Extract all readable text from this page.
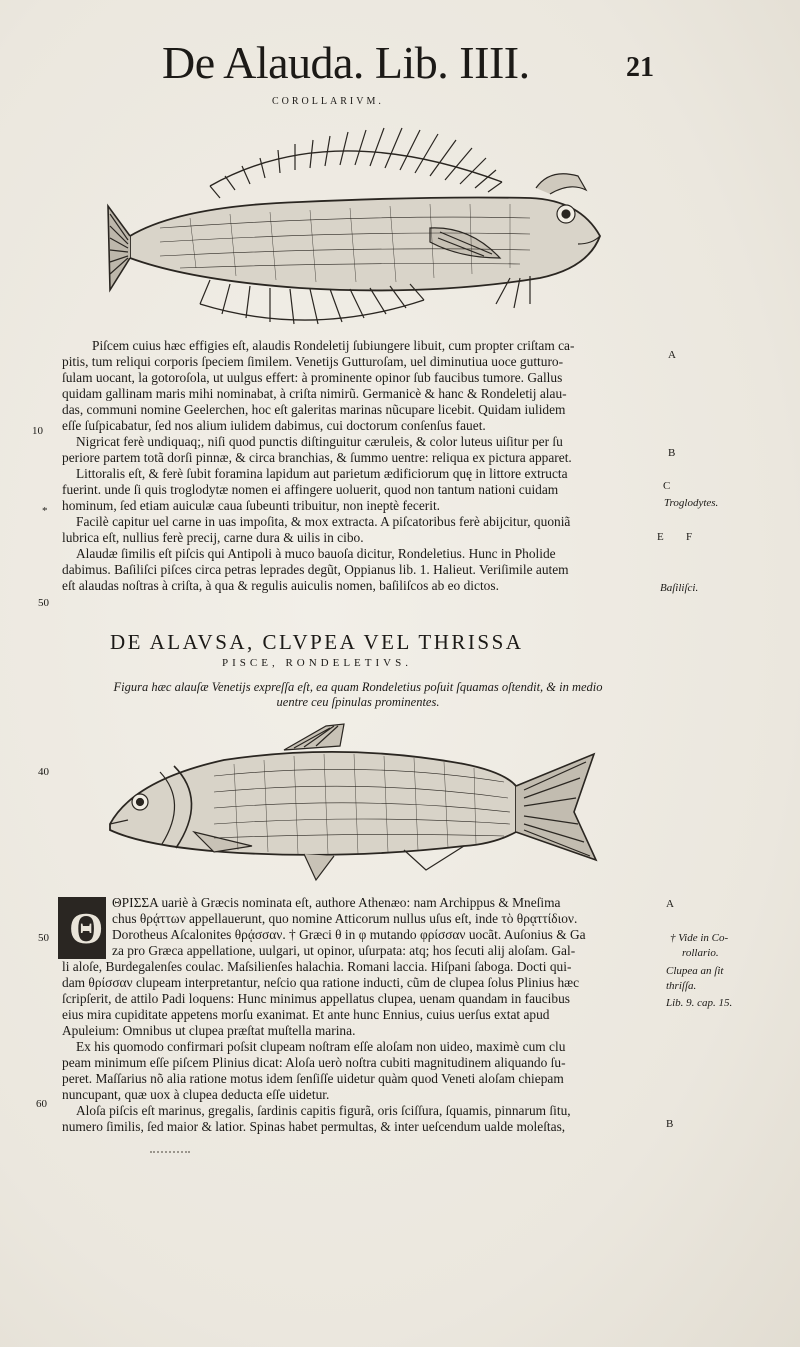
De Alauda. Lib. IIII.	21
COROLLARIVM.
10
50
*
A
B
C
Troglodytes.
E F
Baſiliſci.
Piſcem cuius hæc effigies eſt, alaudis Rondeletij ſubiungere libuit, cum propter criſtam ca-
pitis, tum reliqui corporis ſpeciem ſimilem. Venetijs Gutturoſam, uel diminutiua uoce gutturo-
ſulam uocant, la gotoroſola, ut uulgus effert: à prominente opinor ſub faucibus tumore. Gallus
quidam gallinam maris mihi nominabat, à criſta nimirũ. Germanicè & hanc & Rondeletij alau-
das, communi nomine Geelerchen, hoc eſt galeritas marinas nũcupare licebit. Quidam iulidem
eſſe ſuſpicabatur, ſed nos alium iulidem dabimus, cui doctorum conſenſus fauet.
Nigricat ferè undiquaq;, niſi quod punctis diſtinguitur cæruleis, & color luteus uiſitur per ſu
periore partem totã dorſi pinnæ, & circa branchias, & ſummo uentre: reliqua ex pictura apparet.
Littoralis eſt, & ferè ſubit foramina lapidum aut parietum ædificiorum quę in littore extructa
fuerint. unde ſi quis troglodytæ nomen ei affingere uoluerit, quod non tantum nationi cuidam
hominum, ſed etiam auiculæ caua ſubeunti tribuitur, non ineptè fecerit.
Facilè capitur uel carne in uas impoſita, & mox extracta. A piſcatoribus ferè abijcitur, quoniã
lubrica eſt, nullius ferè precij, carne dura & uilis in cibo.
Alaudæ ſimilis eſt piſcis qui Antipoli à muco bauoſa dicitur, Rondeletius. Hunc in Pholide
dabimus. Baſiliſci piſces circa petras leprades degũt, Oppianus lib. 1. Halieut. Veriſimile autem
eſt alaudas noſtras à criſta, à qua & regulis auiculis nomen, baſiliſcos ab eo dictos.
DE ALAVSA, CLVPEA VEL THRISSA
PISCE, RONDELETIVS.
Figura hæc alauſæ Venetijs expreſſa eſt, ea quam Rondeletius poſuit ſquamas oſtendit, & in medio uentre ceu ſpinulas prominentes.
40
Θ
50
60
A
† Vide in Co-
rollario.
Clupea an ſit
thriſſa.
Lib. 9. cap. 15.
B
ΘΡΙΣΣΑ uariè à Græcis nominata eſt, authore Athenæo: nam Archippus & Mneſima
chus θρᾴττων appellauerunt, quo nomine Atticorum nullus uſus eſt, inde τὸ θρᾳττίδιον.
Dorotheus Aſcalonites θρᾴσσαν. † Græci θ in φ mutando φρίσσαν uocãt. Auſonius & Ga
za pro Græca appellatione, uulgari, ut opinor, uſurpata: atq; hos ſecuti alij aloſam. Gal-
li aloſe, Burdegalenſes coulac. Maſsilienſes halachia. Romani laccia. Hiſpani ſaboga. Docti qui-
dam θρίσσαν clupeam interpretantur, neſcio qua ratione inducti, cũm de clupea ſolus Plinius hæc
ſcripſerit, de attilo Padi loquens: Hunc minimus appellatus clupea, uenam quandam in faucibus
eius mira cupiditate appetens morſu exanimat. Et ante hunc Ennius, cuius uerſus extat apud
Apuleium: Omnibus ut clupea præſtat muſtella marina.
Ex his quomodo confirmari poſsit clupeam noſtram eſſe aloſam non uideo, maximè cum clu
peam minimum eſſe piſcem Plinius dicat: Aloſa uerò noſtra cubiti magnitudinem aliquando ſu-
peret. Maſſarius nõ alia ratione motus idem ſenſiſſe uidetur quàm quod Veneti aloſam chiepam
nuncupant, quæ uox à clupea deducta eſſe uidetur.
Aloſa piſcis eſt marinus, gregalis, ſardinis capitis figurã, oris ſciſſura, ſquamis, pinnarum ſitu,
numero ſimilis, ſed maior & latior. Spinas habet permultas, & inter ueſcendum ualde moleſtas,
